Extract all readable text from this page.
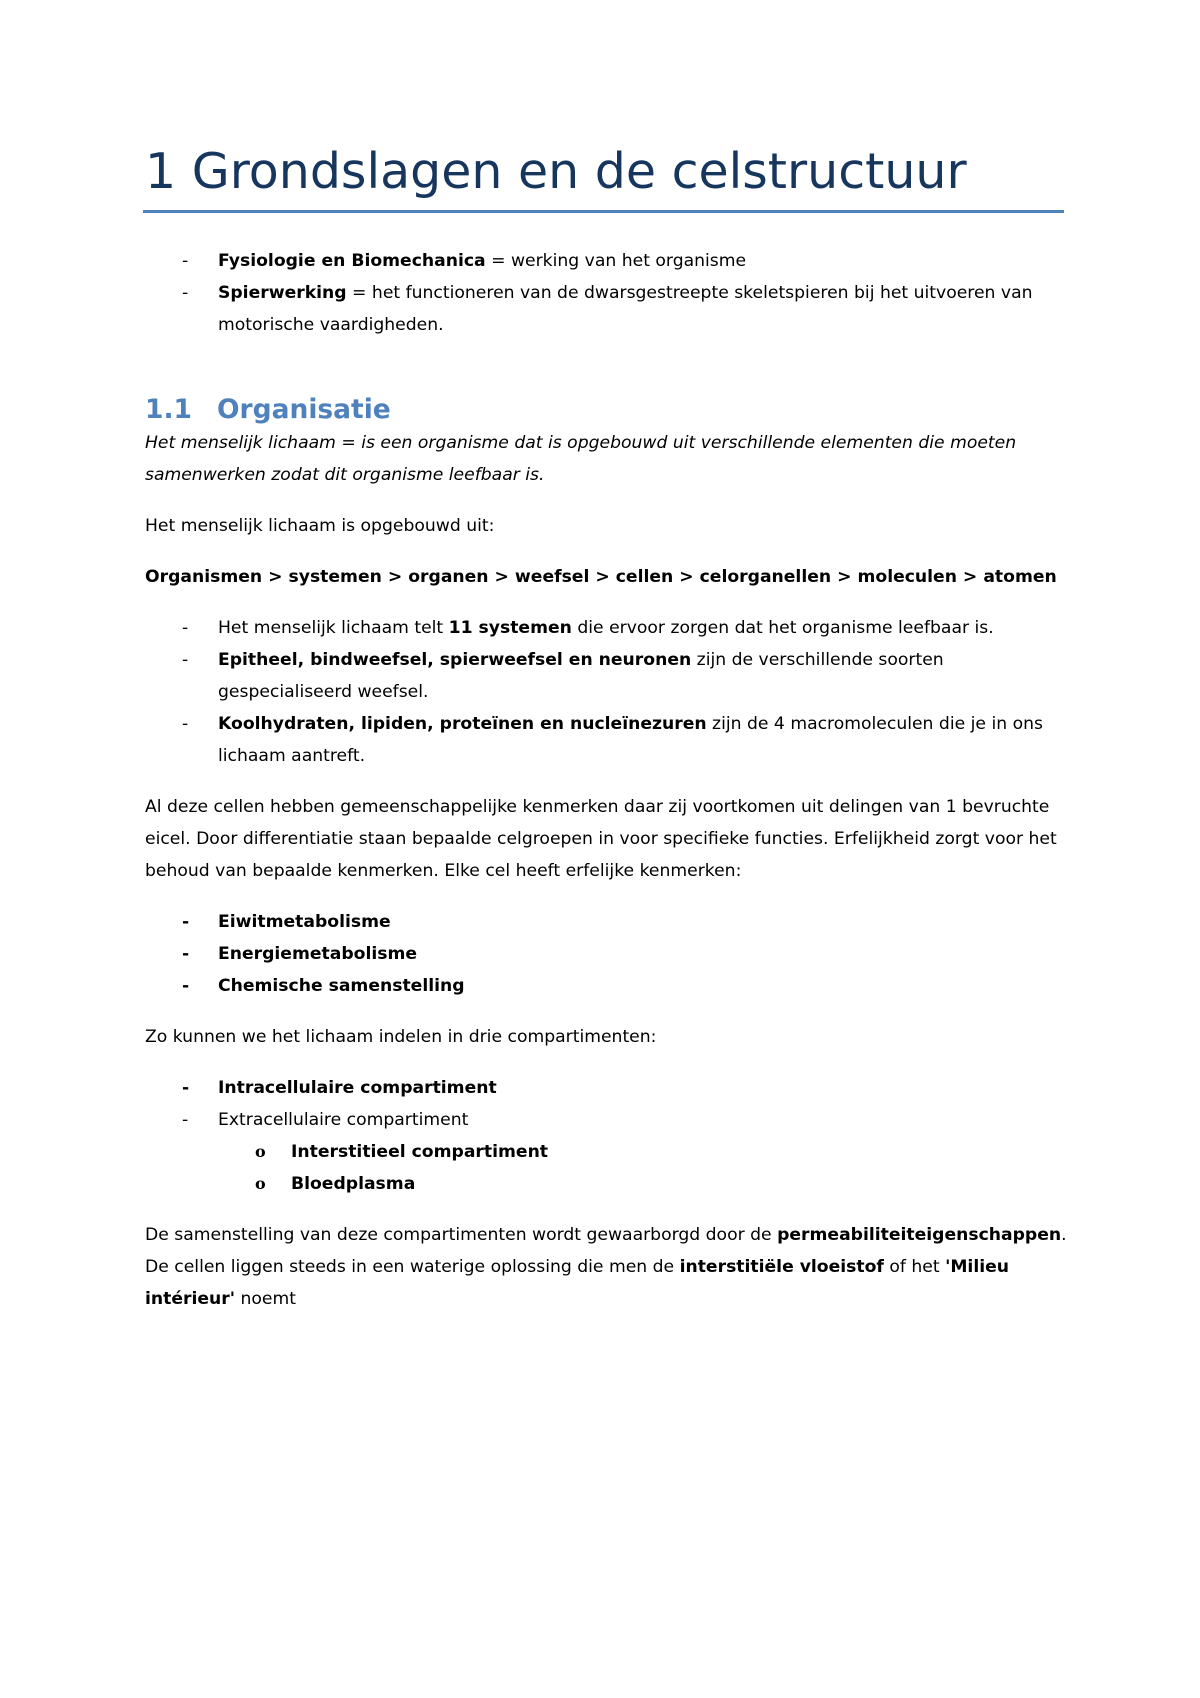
1 Grondslagen en de celstructuur
- Fysiologie en Biomechanica = werking van het organisme
- Spierwerking = het functioneren van de dwarsgestreepte skeletspieren bij het uitvoeren van motorische vaardigheden.
1.1 Organisatie

Het menselijk lichaam = is een organisme dat is opgebouwd uit verschillende elementen die moeten samenwerken zodat dit organisme leefbaar is.

Het menselijk lichaam is opgebouwd uit:

Organismen > systemen > organen > weefsel > cellen > celorganellen > moleculen > atomen

- Het menselijk lichaam telt 11 systemen die ervoor zorgen dat het organisme leefbaar is.
- Epitheel, bindweefsel, spierweefsel en neuronen zijn de verschillende soorten gespecialiseerd weefsel.
- Koolhydraten, lipiden, proteïnen en nucleïnezuren zijn de 4 macromoleculen die je in ons lichaam aantreft.

Al deze cellen hebben gemeenschappelijke kenmerken daar zij voortkomen uit delingen van 1 bevruchte eicel. Door differentiatie staan bepaalde celgroepen in voor specifieke functies. Erfelijkheid zorgt voor het behoud van bepaalde kenmerken. Elke cel heeft erfelijke kenmerken:

- Eiwitmetabolisme
- Energiemetabolisme
- Chemische samenstelling

Zo kunnen we het lichaam indelen in drie compartimenten:

- Intracellulaire compartiment
- Extracellulaire compartiment
o Interstitieel compartiment
o Bloedplasma

De samenstelling van deze compartimenten wordt gewaarborgd door de permeabiliteiteigenschappen. De cellen liggen steeds in een waterige oplossing die men de interstitiële vloeistof of het 'Milieu intérieur' noemt
